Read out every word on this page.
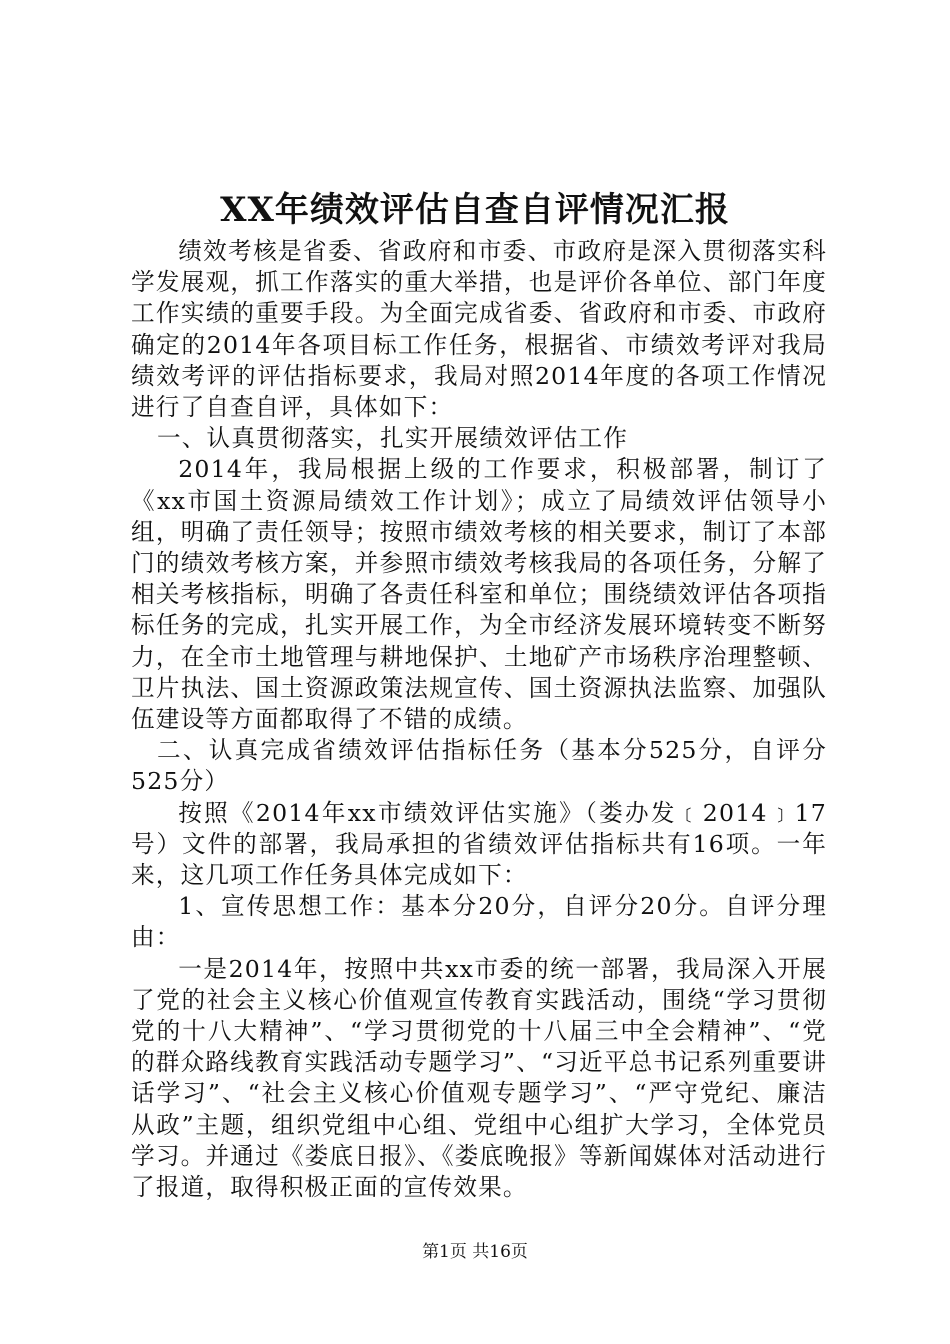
XX年绩效评估自查自评情况汇报

绩效考核是省委、省政府和市委、市政府是深入贯彻落实科学发展观，抓工作落实的重大举措，也是评价各单位、部门年度工作实绩的重要手段。为全面完成省委、省政府和市委、市政府确定的2014年各项目标工作任务，根据省、市绩效考评对我局绩效考评的评估指标要求，我局对照2014年度的各项工作情况进行了自查自评，具体如下：

一、认真贯彻落实，扎实开展绩效评估工作

2014年，我局根据上级的工作要求，积极部署，制订了《xx市国土资源局绩效工作计划》；成立了局绩效评估领导小组，明确了责任领导；按照市绩效考核的相关要求，制订了本部门的绩效考核方案，并参照市绩效考核我局的各项任务，分解了相关考核指标，明确了各责任科室和单位；围绕绩效评估各项指标任务的完成，扎实开展工作，为全市经济发展环境转变不断努力，在全市土地管理与耕地保护、土地矿产市场秩序治理整顿、卫片执法、国土资源政策法规宣传、国土资源执法监察、加强队伍建设等方面都取得了不错的成绩。

二、认真完成省绩效评估指标任务（基本分525分，自评分525分）

按照《2014年xx市绩效评估实施》（娄办发﹝2014﹞17号）文件的部署，我局承担的省绩效评估指标共有16项。一年来，这几项工作任务具体完成如下：

1、宣传思想工作：基本分20分，自评分20分。自评分理由：

一是2014年，按照中共xx市委的统一部署，我局深入开展了党的社会主义核心价值观宣传教育实践活动，围绕“学习贯彻党的十八大精神”、“学习贯彻党的十八届三中全会精神”、“党的群众路线教育实践活动专题学习”、“习近平总书记系列重要讲话学习”、“社会主义核心价值观专题学习”、“严守党纪、廉洁从政”主题，组织党组中心组、党组中心组扩大学习，全体党员学习。并通过《娄底日报》、《娄底晚报》等新闻媒体对活动进行了报道，取得积极正面的宣传效果。

第1页 共16页
